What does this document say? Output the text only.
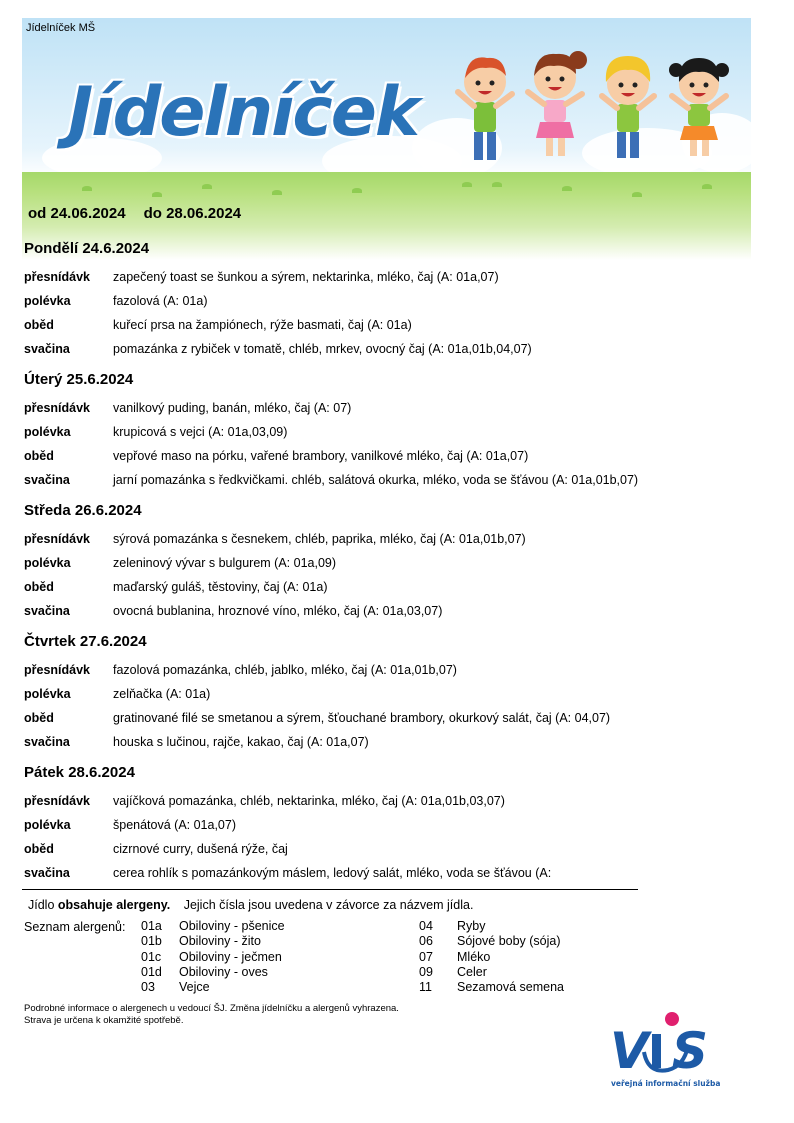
Jídelníček MŠ
Jídelníček
od 24.06.2024 do 28.06.2024
Pondělí 24.6.2024
přesnídávk zapečený toast se šunkou a sýrem, nektarinka, mléko, čaj (A: 01a,07)
polévka	fazolová (A: 01a)
oběd	kuřecí prsa na žampiónech, rýže basmati, čaj (A: 01a)
svačina	pomazánka z rybiček v tomatě, chléb, mrkev, ovocný čaj (A: 01a,01b,04,07)
Úterý 25.6.2024
přesnídávk vanilkový puding, banán, mléko, čaj (A: 07)
polévka	krupicová s vejci (A: 01a,03,09)
oběd	vepřové maso na pórku, vařené brambory, vanilkové mléko, čaj (A: 01a,07)
svačina	jarní pomazánka s ředkvičkami. chléb, salátová okurka, mléko, voda se šťávou (A: 01a,01b,07)
Středa 26.6.2024
přesnídávk sýrová pomazánka s česnekem, chléb, paprika, mléko, čaj (A: 01a,01b,07)
polévka	zeleninový vývar s bulgurem (A: 01a,09)
oběd	maďarský guláš, těstoviny, čaj (A: 01a)
svačina	ovocná bublanina, hroznové víno, mléko, čaj (A: 01a,03,07)
Čtvrtek 27.6.2024
přesnídávk fazolová pomazánka, chléb, jablko, mléko, čaj (A: 01a,01b,07)
polévka	zelňačka (A: 01a)
oběd	gratinované filé se smetanou a sýrem, šťouchané brambory, okurkový salát, čaj (A: 04,07)
svačina	houska s lučinou, rajče, kakao, čaj (A: 01a,07)
Pátek 28.6.2024
přesnídávk vajíčková pomazánka, chléb, nektarinka, mléko, čaj (A: 01a,01b,03,07)
polévka	špenátová (A: 01a,07)
oběd	cizrnové curry, dušená rýže, čaj
svačina	cerea rohlík s pomazánkovým máslem, ledový salát, mléko, voda se šťávou (A:
Jídlo obsahuje alergeny. Jejich čísla jsou uvedena v závorce za názvem jídla.
Seznam alergenů: 01a Obiloviny - pšenice
01b Obiloviny - žito
01c Obiloviny - ječmen
01d Obiloviny - oves
03 Vejce
04 Ryby
06 Sójové boby (sója)
07 Mléko
09 Celer
11 Sezamová semena
Podrobné informace o alergenech u vedoucí ŠJ. Změna jídelníčku a alergenů vyhrazena.
Strava je určena k okamžité spotřebě.
V S
veřejná informační služba
